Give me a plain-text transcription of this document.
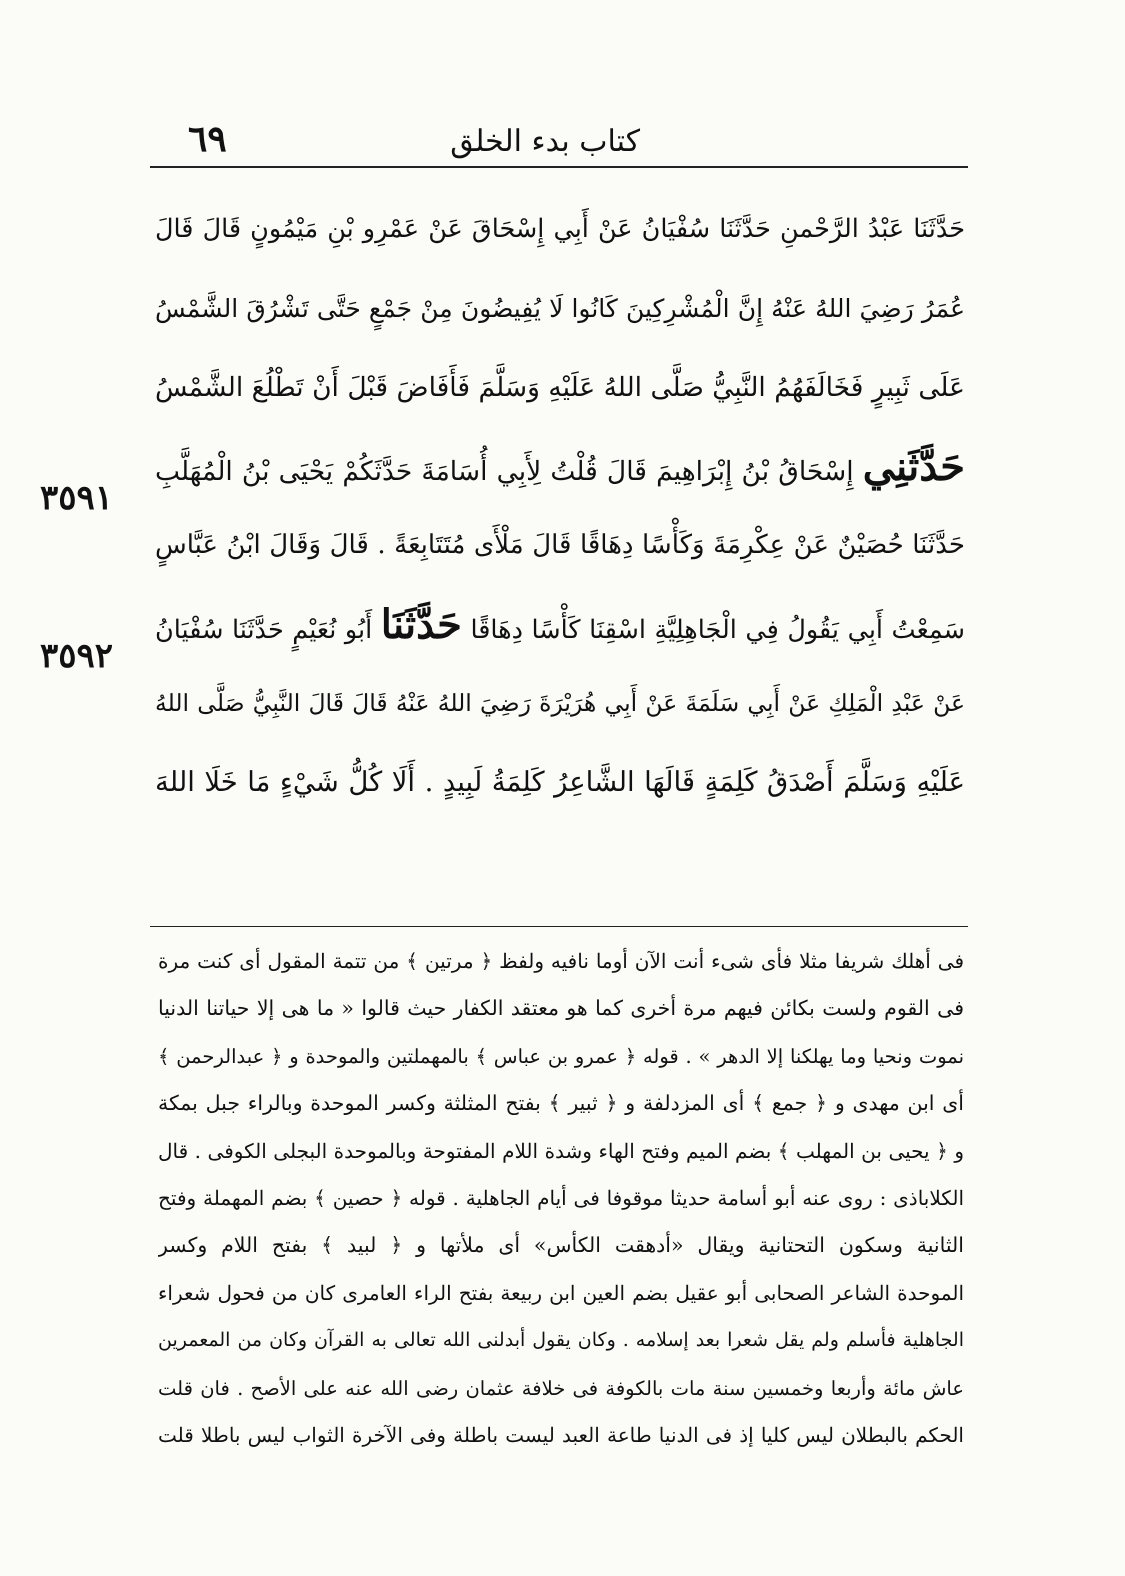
كتاب بدء الخلق
٦٩
٣٥٩١
٣٥٩٢
حَدَّثَنَا عَبْدُ الرَّحْمنِ حَدَّثَنَا سُفْيَانُ عَنْ أَبِي إِسْحَاقَ عَنْ عَمْرِو بْنِ مَيْمُونٍ قَالَ قَالَ
عُمَرُ رَضِيَ اللهُ عَنْهُ إِنَّ الْمُشْرِكِينَ كَانُوا لَا يُفِيضُونَ مِنْ جَمْعٍ حَتَّى تَشْرُقَ الشَّمْسُ
عَلَى ثَبِيرٍ فَخَالَفَهُمُ النَّبِيُّ صَلَّى اللهُ عَلَيْهِ وَسَلَّمَ فَأَفَاضَ قَبْلَ أَنْ تَطْلُعَ الشَّمْسُ
حَدَّثَنِي إِسْحَاقُ بْنُ إِبْرَاهِيمَ قَالَ قُلْتُ لِأَبِي أُسَامَةَ حَدَّثَكُمْ يَحْيَى بْنُ الْمُهَلَّبِ
حَدَّثَنَا حُصَيْنٌ عَنْ عِكْرِمَةَ وَكَأْسًا دِهَاقًا قَالَ مَلْأَى مُتَتَابِعَةً . قَالَ وَقَالَ ابْنُ عَبَّاسٍ
سَمِعْتُ أَبِي يَقُولُ فِي الْجَاهِلِيَّةِ اسْقِنَا كَأْسًا دِهَاقًا حَدَّثَنَا أَبُو نُعَيْمٍ حَدَّثَنَا سُفْيَانُ
عَنْ عَبْدِ الْمَلِكِ عَنْ أَبِي سَلَمَةَ عَنْ أَبِي هُرَيْرَةَ رَضِيَ اللهُ عَنْهُ قَالَ قَالَ النَّبِيُّ صَلَّى اللهُ
عَلَيْهِ وَسَلَّمَ أَصْدَقُ كَلِمَةٍ قَالَهَا الشَّاعِرُ كَلِمَةُ لَبِيدٍ . أَلَا كُلُّ شَيْءٍ مَا خَلَا اللهَ
فى أهلك شريفا مثلا فأى شىء أنت الآن أوما نافيه ولفظ ﴿ مرتين ﴾ من تتمة المقول أى كنت مرة
فى القوم ولست بكائن فيهم مرة أخرى كما هو معتقد الكفار حيث قالوا « ما هى إلا حياتنا الدنيا
نموت ونحيا وما يهلكنا إلا الدهر » . قوله ﴿ عمرو بن عباس ﴾ بالمهملتين والموحدة و ﴿ عبدالرحمن ﴾
أى ابن مهدى و ﴿ جمع ﴾ أى المزدلفة و ﴿ ثبير ﴾ بفتح المثلثة وكسر الموحدة وبالراء جبل بمكة
و ﴿ يحيى بن المهلب ﴾ بضم الميم وفتح الهاء وشدة اللام المفتوحة وبالموحدة البجلى الكوفى . قال
الكلاباذى : روى عنه أبو أسامة حديثا موقوفا فى أيام الجاهلية . قوله ﴿ حصين ﴾ بضم المهملة وفتح
الثانية وسكون التحتانية ويقال «أدهقت الكأس» أى ملأتها و ﴿ لبيد ﴾ بفتح اللام وكسر
الموحدة الشاعر الصحابى أبو عقيل بضم العين ابن ربيعة بفتح الراء العامرى كان من فحول شعراء
الجاهلية فأسلم ولم يقل شعرا بعد إسلامه . وكان يقول أبدلنى الله تعالى به القرآن وكان من المعمرين
عاش مائة وأربعا وخمسين سنة مات بالكوفة فى خلافة عثمان رضى الله عنه على الأصح . فان قلت
الحكم بالبطلان ليس كليا إذ فى الدنيا طاعة العبد ليست باطلة وفى الآخرة الثواب ليس باطلا قلت
